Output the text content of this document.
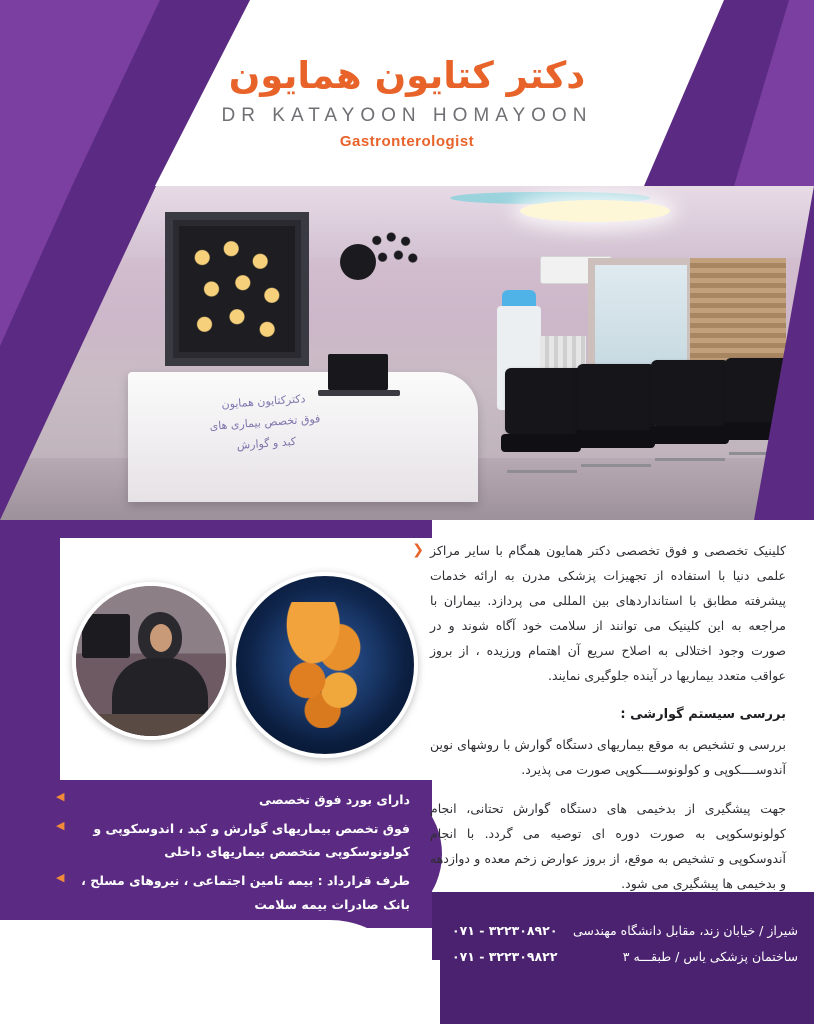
دکتر کتایون همایون
DR KATAYOON HOMAYOON
Gastronterologist
دکترکتایون همایون
فوق تخصص بیماری های
کبد و گوارش
دارای بورد فوق تخصصی
◀
فوق تخصص بیماریهای گوارش و کبد ، اندوسکوپی و کولونوسکوپی متخصص بیماریهای داخلی
◀
طرف قرارداد : بیمه تامین اجتماعی ، نیروهای مسلح ، بانک صادرات بیمه سلامت
◀
❮ کلینیک تخصصی و فوق تخصصی دکتر همایون همگام با سایر مراکز علمی دنیا با استفاده از تجهیزات پزشکی مدرن به ارائه خدمات پیشرفته مطابق با استانداردهای بین المللی می پردازد. بیماران با مراجعه به این کلینیک می توانند از سلامت خود آگاه شوند و در صورت وجود اختلالی به اصلاح سریع آن اهتمام ورزیده ، از بروز عواقب متعدد بیماریها در آینده جلوگیری نمایند.

بررسی سیستم گوارشی :

بررسی و تشخیص به موقع بیماریهای دستگاه گوارش با روشهای نوین آندوســــکوپی و کولونوســــکوپی صورت می پذیرد.

جهت پیشگیری از بدخیمی های دستگاه گوارش تحتانی، انجام کولونوسکوپی به صورت دوره ای توصیه می گردد. با انجام آندوسکوپی و تشخیص به موقع، از بروز عوارض زخم معده و دوازدهه و بدخیمی ها پیشگیری می شود.

شیراز / خیابان زند، مقابل دانشگاه مهندسی
ساختمان پزشکی یاس / طبقـــه ۳
۰۷۱ - ۳۲۲۳۰۸۹۲۰
۰۷۱ - ۳۲۲۳۰۹۸۲۲
